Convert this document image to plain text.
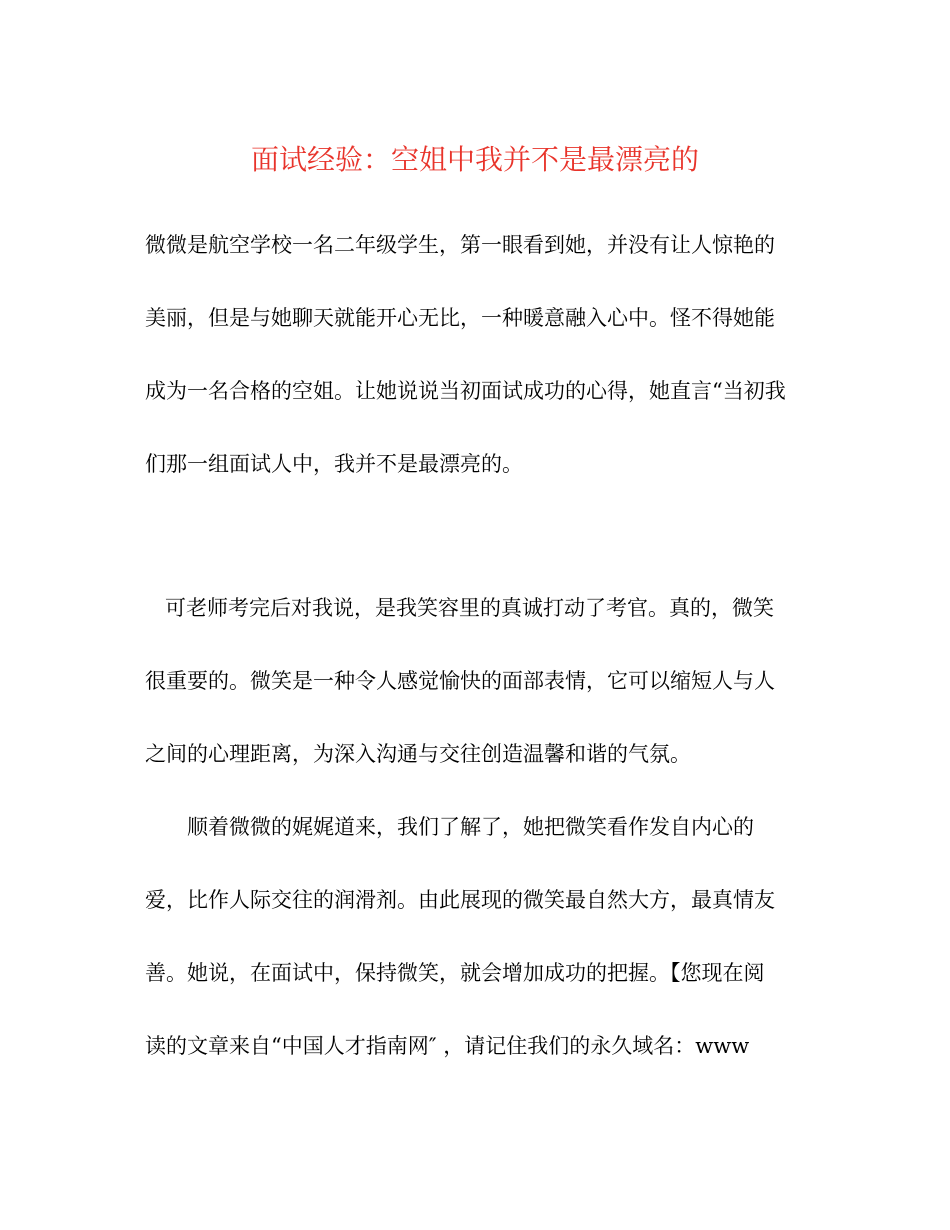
面试经验：空姐中我并不是最漂亮的
微微是航空学校一名二年级学生，第一眼看到她，并没有让人惊艳的
美丽，但是与她聊天就能开心无比，一种暖意融入心中。怪不得她能
成为一名合格的空姐。让她说说当初面试成功的心得，她直言“当初我
们那一组面试人中，我并不是最漂亮的。
可老师考完后对我说，是我笑容里的真诚打动了考官。真的，微笑
很重要的。微笑是一种令人感觉愉快的面部表情，它可以缩短人与人
之间的心理距离，为深入沟通与交往创造温馨和谐的气氛。
顺着微微的娓娓道来，我们了解了，她把微笑看作发自内心的
爱，比作人际交往的润滑剂。由此展现的微笑最自然大方，最真情友
善。她说，在面试中，保持微笑，就会增加成功的把握。【您现在阅
读的文章来自“中国人才指南网″ ，请记住我们的永久域名：www
